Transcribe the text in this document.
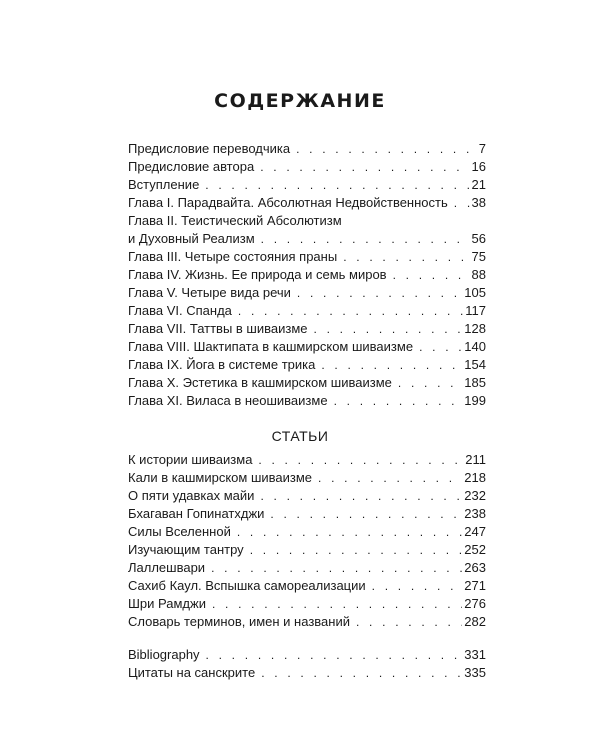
СОДЕРЖАНИЕ
Предисловие переводчика . . .	7
Предисловие автора . . .	16
Вступление . . .	21
Глава I. Парадвайта. Абсолютная Недвойственность . . . 38
Глава II. Теистический Абсолютизм
и Духовный Реализм . . .	56
Глава III. Четыре состояния праны . . .	75
Глава IV. Жизнь. Ее природа и семь миров . . .	88
Глава V. Четыре вида речи . . .	105
Глава VI. Спанда . . .	117
Глава VII. Таттвы в шиваизме . . .	128
Глава VIII. Шактипата в кашмирском шиваизме . . .	140
Глава IX. Йога в системе трика . . .	154
Глава X. Эстетика в кашмирском шиваизме . . .	185
Глава XI. Виласа в неошиваизме . . .	199
СТАТЬИ
К истории шиваизма . . .	211
Кали в кашмирском шиваизме . . .	218
О пяти удавках майи . . .	232
Бхагаван Гопинатхджи . . .	238
Силы Вселенной . . .	247
Изучающим тантру . . .	252
Лаллешвари . . .	263
Сахиб Каул. Вспышка самореализации . . .	271
Шри Рамджи . . .	276
Словарь терминов, имен и названий . . .	282
Bibliography . . .	331
Цитаты на санскрите . . .	335
